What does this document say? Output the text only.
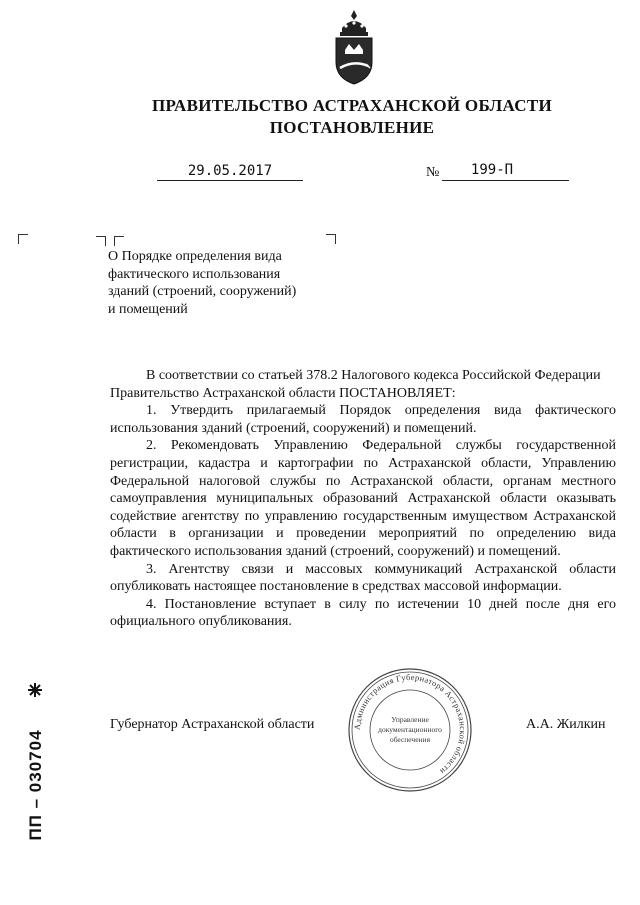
ПРАВИТЕЛЬСТВО АСТРАХАНСКОЙ ОБЛАСТИ
ПОСТАНОВЛЕНИЕ
29.05.2017	№	199-П
О Порядке определения вида
фактического использования
зданий (строений, сооружений)
и помещений

В соответствии со статьей 378.2 Налогового кодекса Российской Федерации

Правительство Астраханской области ПОСТАНОВЛЯЕТ:

1. Утвердить прилагаемый Порядок определения вида фактического использования зданий (строений, сооружений) и помещений.

2. Рекомендовать Управлению Федеральной службы государственной регистрации, кадастра и картографии по Астраханской области, Управлению Федеральной налоговой службы по Астраханской области, органам местного самоуправления муниципальных образований Астраханской области оказывать содействие агентству по управлению государственным имуществом Астраханской области в организации и проведении мероприятий по определению вида фактического использования зданий (строений, сооружений) и помещений.

3. Агентству связи и массовых коммуникаций Астраханской области опубликовать настоящее постановление в средствах массовой информации.

4. Постановление вступает в силу по истечении 10 дней после дня его официального опубликования.

Губернатор Астраханской области	А.А. Жилкин
Администрация Губернатора Астраханской области
Управление
документационного
обеспечения
ПП – 030704
